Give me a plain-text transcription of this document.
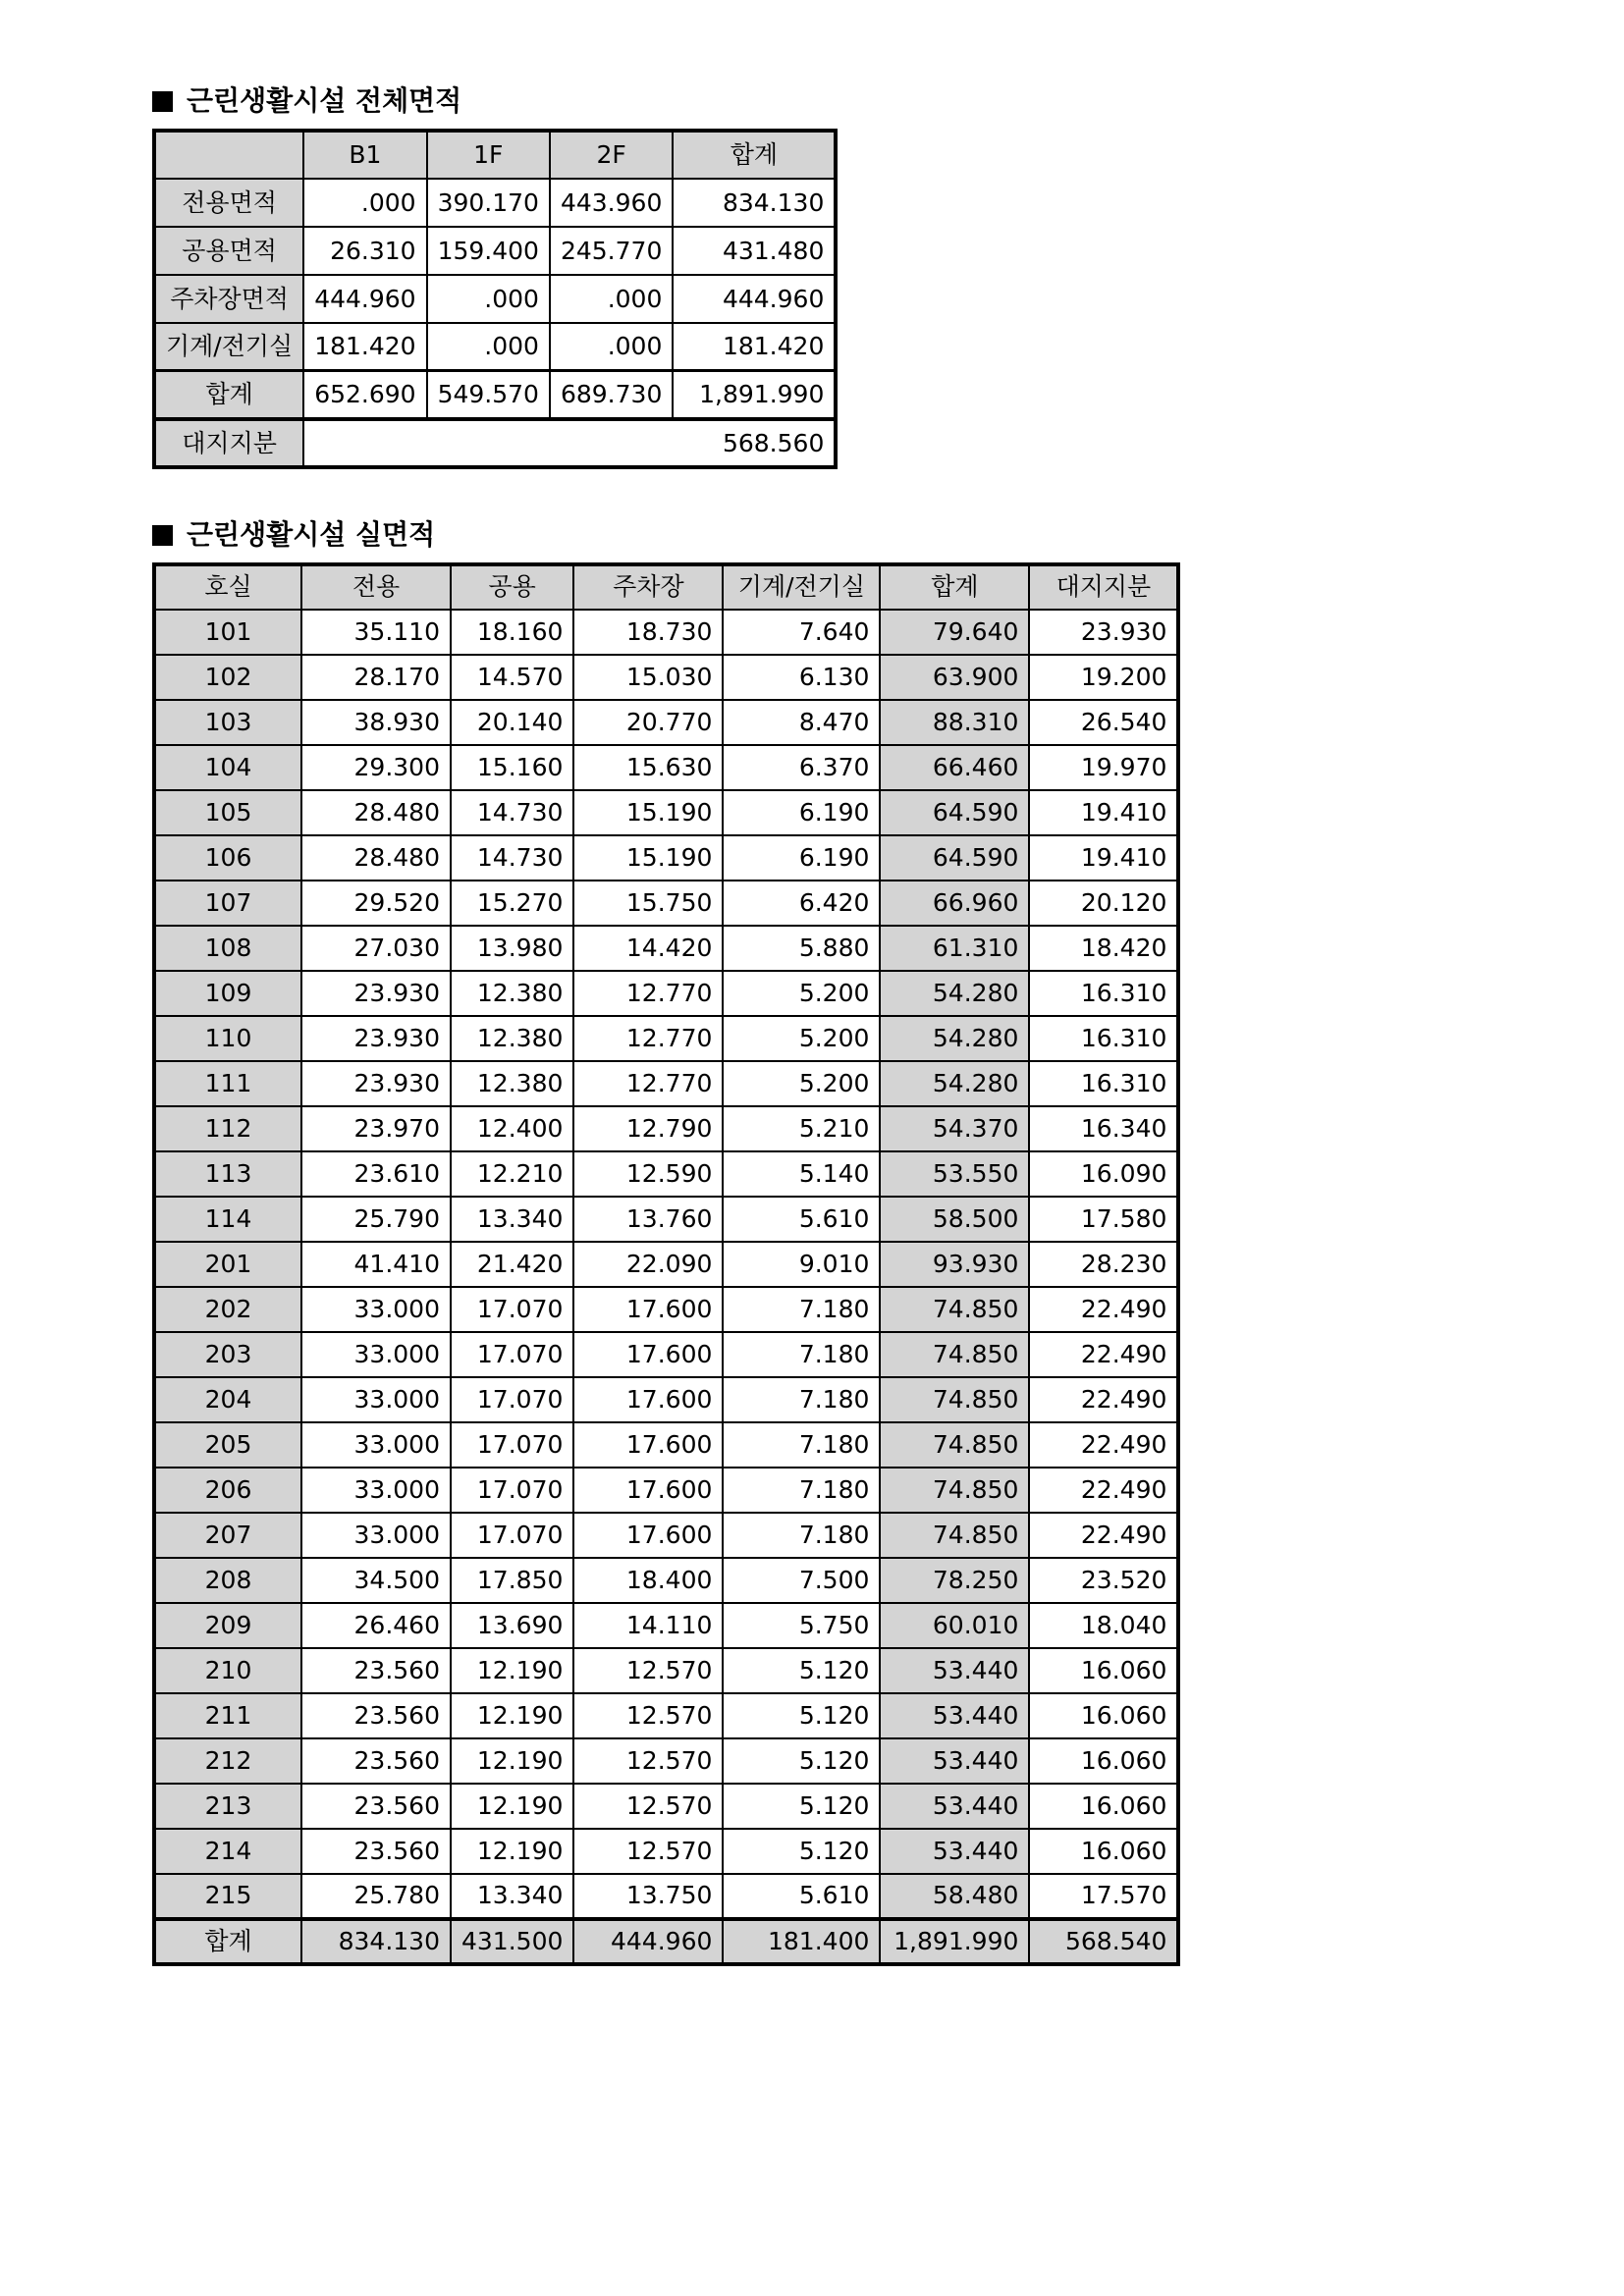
근린생활시설 전체면적
	B1	1F	2F	합계
전용면적	.000	390.170	443.960	834.130
공용면적	26.310	159.400	245.770	431.480
주차장면적	444.960	.000	.000	444.960
기계/전기실	181.420	.000	.000	181.420
합계	652.690	549.570	689.730	1,891.990
대지지분	568.560			
근린생활시설 실면적
호실	전용	공용	주차장	기계/전기실	합계	대지지분
101	35.110	18.160	18.730	7.640	79.640	23.930
102	28.170	14.570	15.030	6.130	63.900	19.200
103	38.930	20.140	20.770	8.470	88.310	26.540
104	29.300	15.160	15.630	6.370	66.460	19.970
105	28.480	14.730	15.190	6.190	64.590	19.410
106	28.480	14.730	15.190	6.190	64.590	19.410
107	29.520	15.270	15.750	6.420	66.960	20.120
108	27.030	13.980	14.420	5.880	61.310	18.420
109	23.930	12.380	12.770	5.200	54.280	16.310
110	23.930	12.380	12.770	5.200	54.280	16.310
111	23.930	12.380	12.770	5.200	54.280	16.310
112	23.970	12.400	12.790	5.210	54.370	16.340
113	23.610	12.210	12.590	5.140	53.550	16.090
114	25.790	13.340	13.760	5.610	58.500	17.580
201	41.410	21.420	22.090	9.010	93.930	28.230
202	33.000	17.070	17.600	7.180	74.850	22.490
203	33.000	17.070	17.600	7.180	74.850	22.490
204	33.000	17.070	17.600	7.180	74.850	22.490
205	33.000	17.070	17.600	7.180	74.850	22.490
206	33.000	17.070	17.600	7.180	74.850	22.490
207	33.000	17.070	17.600	7.180	74.850	22.490
208	34.500	17.850	18.400	7.500	78.250	23.520
209	26.460	13.690	14.110	5.750	60.010	18.040
210	23.560	12.190	12.570	5.120	53.440	16.060
211	23.560	12.190	12.570	5.120	53.440	16.060
212	23.560	12.190	12.570	5.120	53.440	16.060
213	23.560	12.190	12.570	5.120	53.440	16.060
214	23.560	12.190	12.570	5.120	53.440	16.060
215	25.780	13.340	13.750	5.610	58.480	17.570
합계	834.130	431.500	444.960	181.400	1,891.990	568.540
